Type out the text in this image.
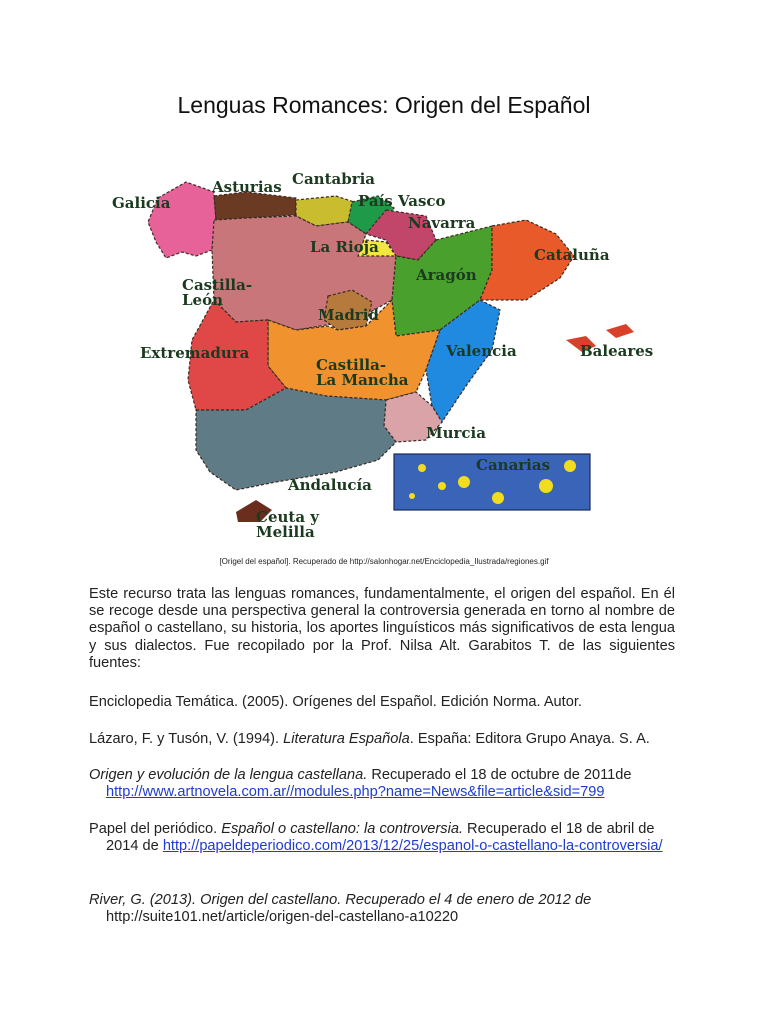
Lenguas Romances: Origen del Español
Galicia
Asturias Cantabria
País Vasco
Navarra
La Rioja	Cataluña
Aragón
Castilla-
León
Madrid
Extremadura	Valencia	Baleares
Castilla-
La Mancha
Murcia
Canarias
Andalucía
Ceuta y
Melilla
[Origel del español]. Recuperado de http://salonhogar.net/Enciclopedia_Ilustrada/regiones.gif

Este recurso trata las lenguas romances, fundamentalmente, el origen del español. En él se recoge desde una perspectiva general la controversia generada en torno al nombre de español o castellano, su historia, los aportes linguísticos más significativos de esta lengua y sus dialectos. Fue recopilado por la Prof. Nilsa Alt. Garabitos T. de las siguientes fuentes:

Enciclopedia Temática. (2005). Orígenes del Español. Edición Norma. Autor.

Lázaro, F. y Tusón, V. (1994). Literatura Española. España: Editora Grupo Anaya. S. A.

Origen y evolución de la lengua castellana. Recuperado el 18 de octubre de 2011de http://www.artnovela.com.ar//modules.php?name=News&file=article&sid=799

Papel del periódico. Español o castellano: la controversia. Recuperado el 18 de abril de 2014 de http://papeldeperiodico.com/2013/12/25/espanol-o-castellano-la-controversia/

River, G. (2013). Origen del castellano. Recuperado el 4 de enero de 2012 de http://suite101.net/article/origen-del-castellano-a10220
